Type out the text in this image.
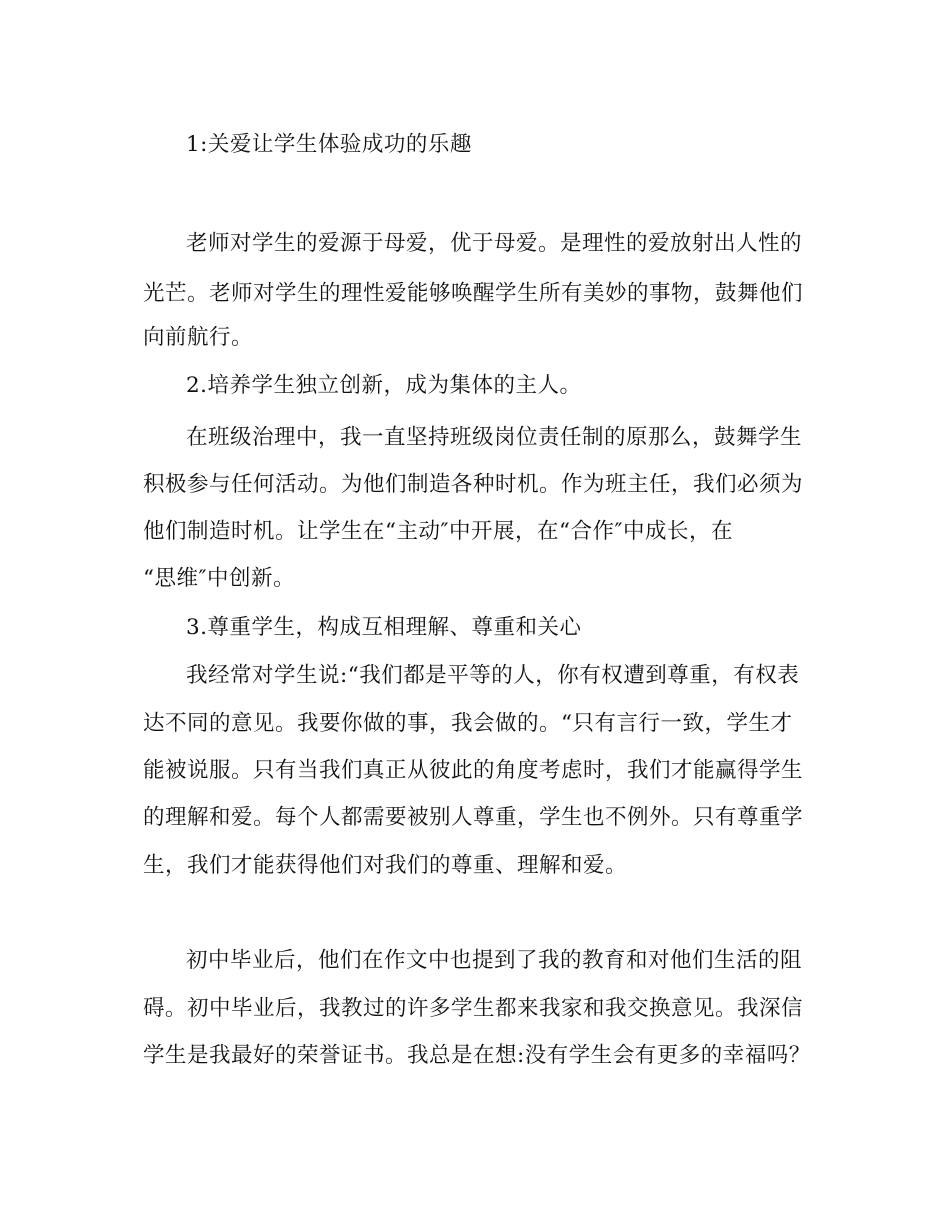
1:关爱让学生体验成功的乐趣

老师对学生的爱源于母爱，优于母爱。是理性的爱放射出人性的

光芒。老师对学生的理性爱能够唤醒学生所有美妙的事物，鼓舞他们

向前航行。

2.培养学生独立创新，成为集体的主人。

在班级治理中，我一直坚持班级岗位责任制的原那么，鼓舞学生

积极参与任何活动。为他们制造各种时机。作为班主任，我们必须为

他们制造时机。让学生在“主动″中开展，在“合作″中成长，在

“思维″中创新。

3.尊重学生，构成互相理解、尊重和关心

我经常对学生说:“我们都是平等的人，你有权遭到尊重，有权表

达不同的意见。我要你做的事，我会做的。“只有言行一致，学生才

能被说服。只有当我们真正从彼此的角度考虑时，我们才能赢得学生

的理解和爱。每个人都需要被别人尊重，学生也不例外。只有尊重学

生，我们才能获得他们对我们的尊重、理解和爱。

初中毕业后，他们在作文中也提到了我的教育和对他们生活的阻

碍。初中毕业后，我教过的许多学生都来我家和我交换意见。我深信

学生是我最好的荣誉证书。我总是在想:没有学生会有更多的幸福吗？
